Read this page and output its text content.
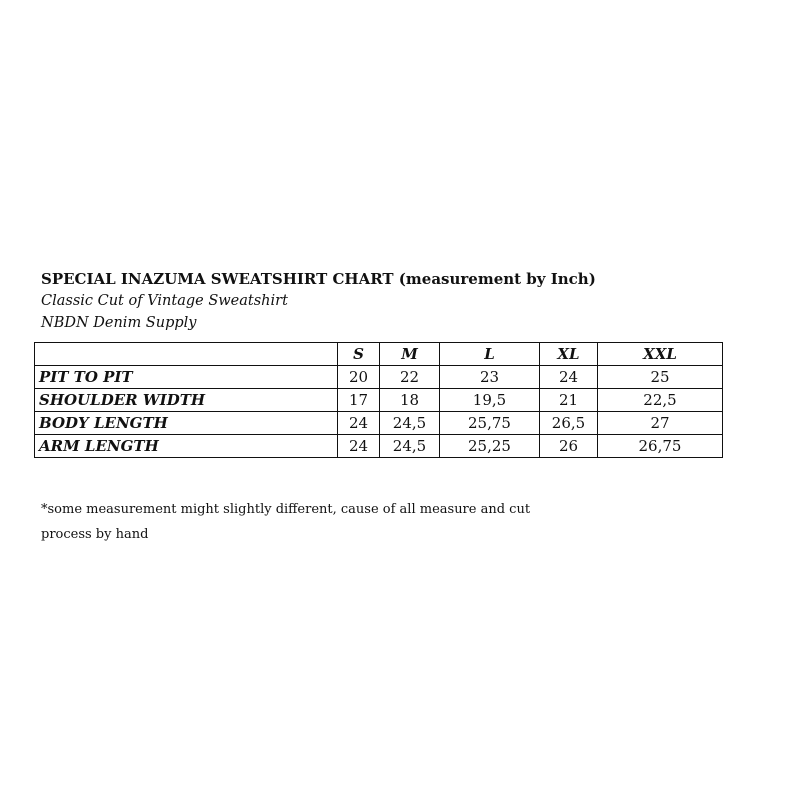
SPECIAL INAZUMA SWEATSHIRT CHART (measurement by Inch)
Classic Cut of Vintage Sweatshirt
NBDN Denim Supply
	S	M	L	XL	XXL
PIT TO PIT	20	22	23	24	25
SHOULDER WIDTH	17	18	19,5	21	22,5
BODY LENGTH	24	24,5	25,75	26,5	27
ARM LENGTH	24	24,5	25,25	26	26,75
*some measurement might slightly different, cause of all measure and cut
process by hand
